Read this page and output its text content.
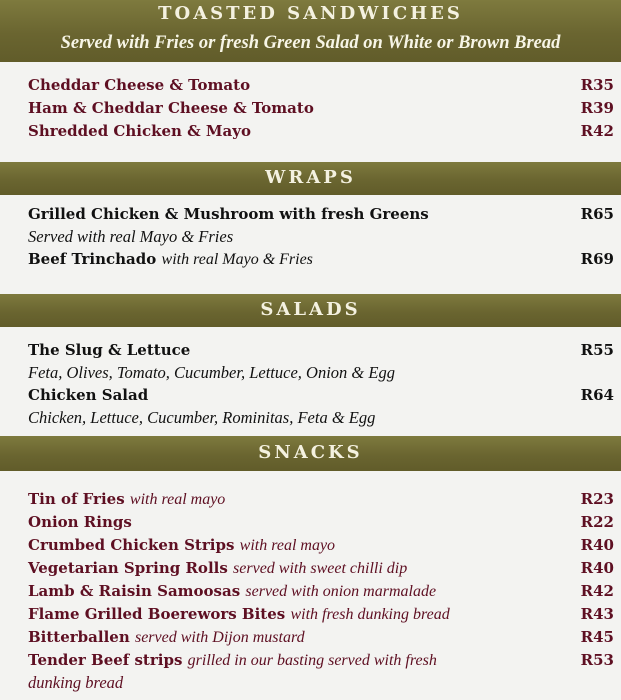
TOASTED SANDWICHES
Served with Fries or fresh Green Salad on White or Brown Bread
Cheddar Cheese & Tomato	R35
Ham & Cheddar Cheese & Tomato	R39
Shredded Chicken & Mayo	R42
WRAPS
Grilled Chicken & Mushroom with fresh Greens	R65
Served with real Mayo & Fries
Beef Trinchado with real Mayo & Fries	R69
SALADS
The Slug & Lettuce	R55
Feta, Olives, Tomato, Cucumber, Lettuce, Onion & Egg
Chicken Salad	R64
Chicken, Lettuce, Cucumber, Rominitas, Feta & Egg
SNACKS
Tin of Fries with real mayo	R23
Onion Rings	R22
Crumbed Chicken Strips with real mayo	R40
Vegetarian Spring Rolls served with sweet chilli dip	R40
Lamb & Raisin Samoosas served with onion marmalade	R42
Flame Grilled Boerewors Bites with fresh dunking bread	R43
Bitterballen served with Dijon mustard	R45
Tender Beef strips grilled in our basting served with fresh	R53
dunking bread
